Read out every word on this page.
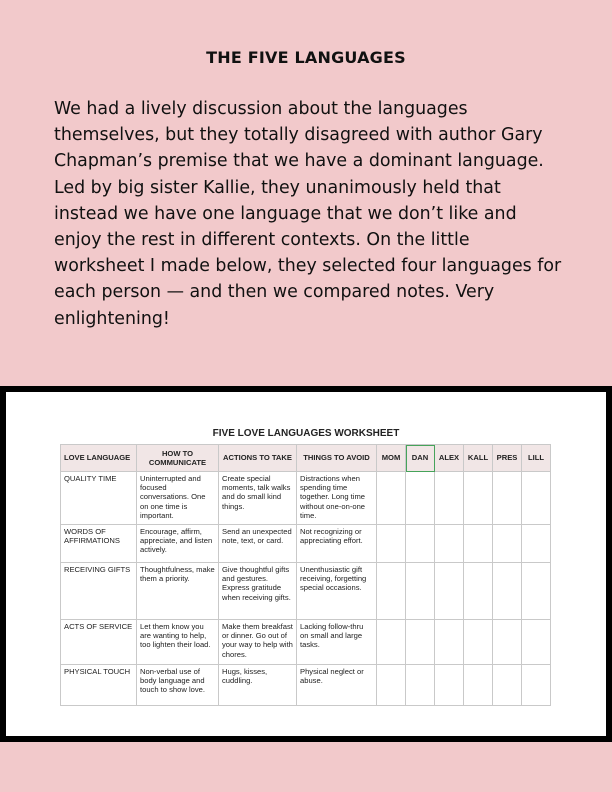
THE FIVE LANGUAGES
We had a lively discussion about the languages themselves, but they totally disagreed with author Gary Chapman’s premise that we have a dominant language. Led by big sister Kallie, they unanimously held that instead we have one language that we don’t like and enjoy the rest in different contexts. On the little worksheet I made below, they selected four languages for each person — and then we compared notes. Very enlightening!
FIVE LOVE LANGUAGES WORKSHEET
LOVE LANGUAGE	HOW TO COMMUNICATE	ACTIONS TO TAKE	THINGS TO AVOID	MOM	DAN	ALEX	KALL	PRES	LILL
QUALITY TIME	Uninterrupted and focused conversations. One on one time is important.	Create special moments, talk walks and do small kind things.	Distractions when spending time together. Long time without one-on-one time.						
WORDS OF AFFIRMATIONS	Encourage, affirm, appreciate, and listen actively.	Send an unexpected note, text, or card.	Not recognizing or appreciating effort.						
RECEIVING GIFTS	Thoughtfulness, make them a priority.	Give thoughtful gifts and gestures. Express gratitude when receiving gifts.	Unenthusiastic gift receiving, forgetting special occasions.						
ACTS OF SERVICE	Let them know you are wanting to help, too lighten their load.	Make them breakfast or dinner. Go out of your way to help with chores.	Lacking follow-thru on small and large tasks.						
PHYSICAL TOUCH	Non-verbal use of body language and touch to show love.	Hugs, kisses, cuddling.	Physical neglect or abuse.						
